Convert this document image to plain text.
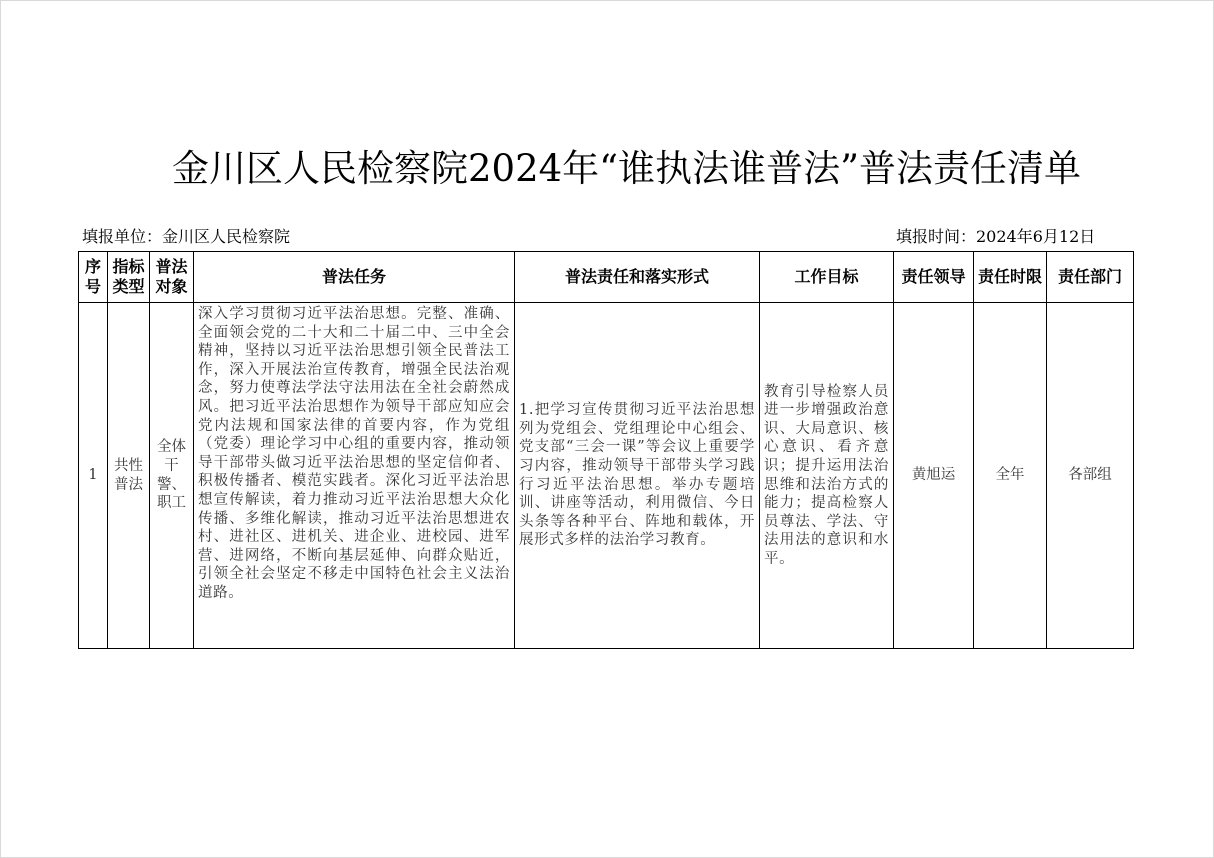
金川区人民检察院2024年“谁执法谁普法”普法责任清单
填报单位：金川区人民检察院	填报时间：2024年6月12日
序号	指标类型	普法对象	普法任务	普法责任和落实形式	工作目标	责任领导	责任时限	责任部门
1	共性普法	全体干警、职工	深入学习贯彻习近平法治思想。完整、准确、全面领会党的二十大和二十届二中、三中全会精神，坚持以习近平法治思想引领全民普法工作，深入开展法治宣传教育，增强全民法治观念，努力使尊法学法守法用法在全社会蔚然成风。把习近平法治思想作为领导干部应知应会党内法规和国家法律的首要内容，作为党组（党委）理论学习中心组的重要内容，推动领导干部带头做习近平法治思想的坚定信仰者、积极传播者、模范实践者。深化习近平法治思想宣传解读，着力推动习近平法治思想大众化传播、多维化解读，推动习近平法治思想进农村、进社区、进机关、进企业、进校园、进军营、进网络，不断向基层延伸、向群众贴近，引领全社会坚定不移走中国特色社会主义法治道路。	1.把学习宣传贯彻习近平法治思想列为党组会、党组理论中心组会、党支部“三会一课”等会议上重要学习内容，推动领导干部带头学习践行习近平法治思想。举办专题培训、讲座等活动，利用微信、今日头条等各种平台、阵地和载体，开展形式多样的法治学习教育。	教育引导检察人员进一步增强政治意识、大局意识、核心意识、看齐意识；提升运用法治思维和法治方式的能力；提高检察人员尊法、学法、守法用法的意识和水平。	黄旭运	全年	各部组
